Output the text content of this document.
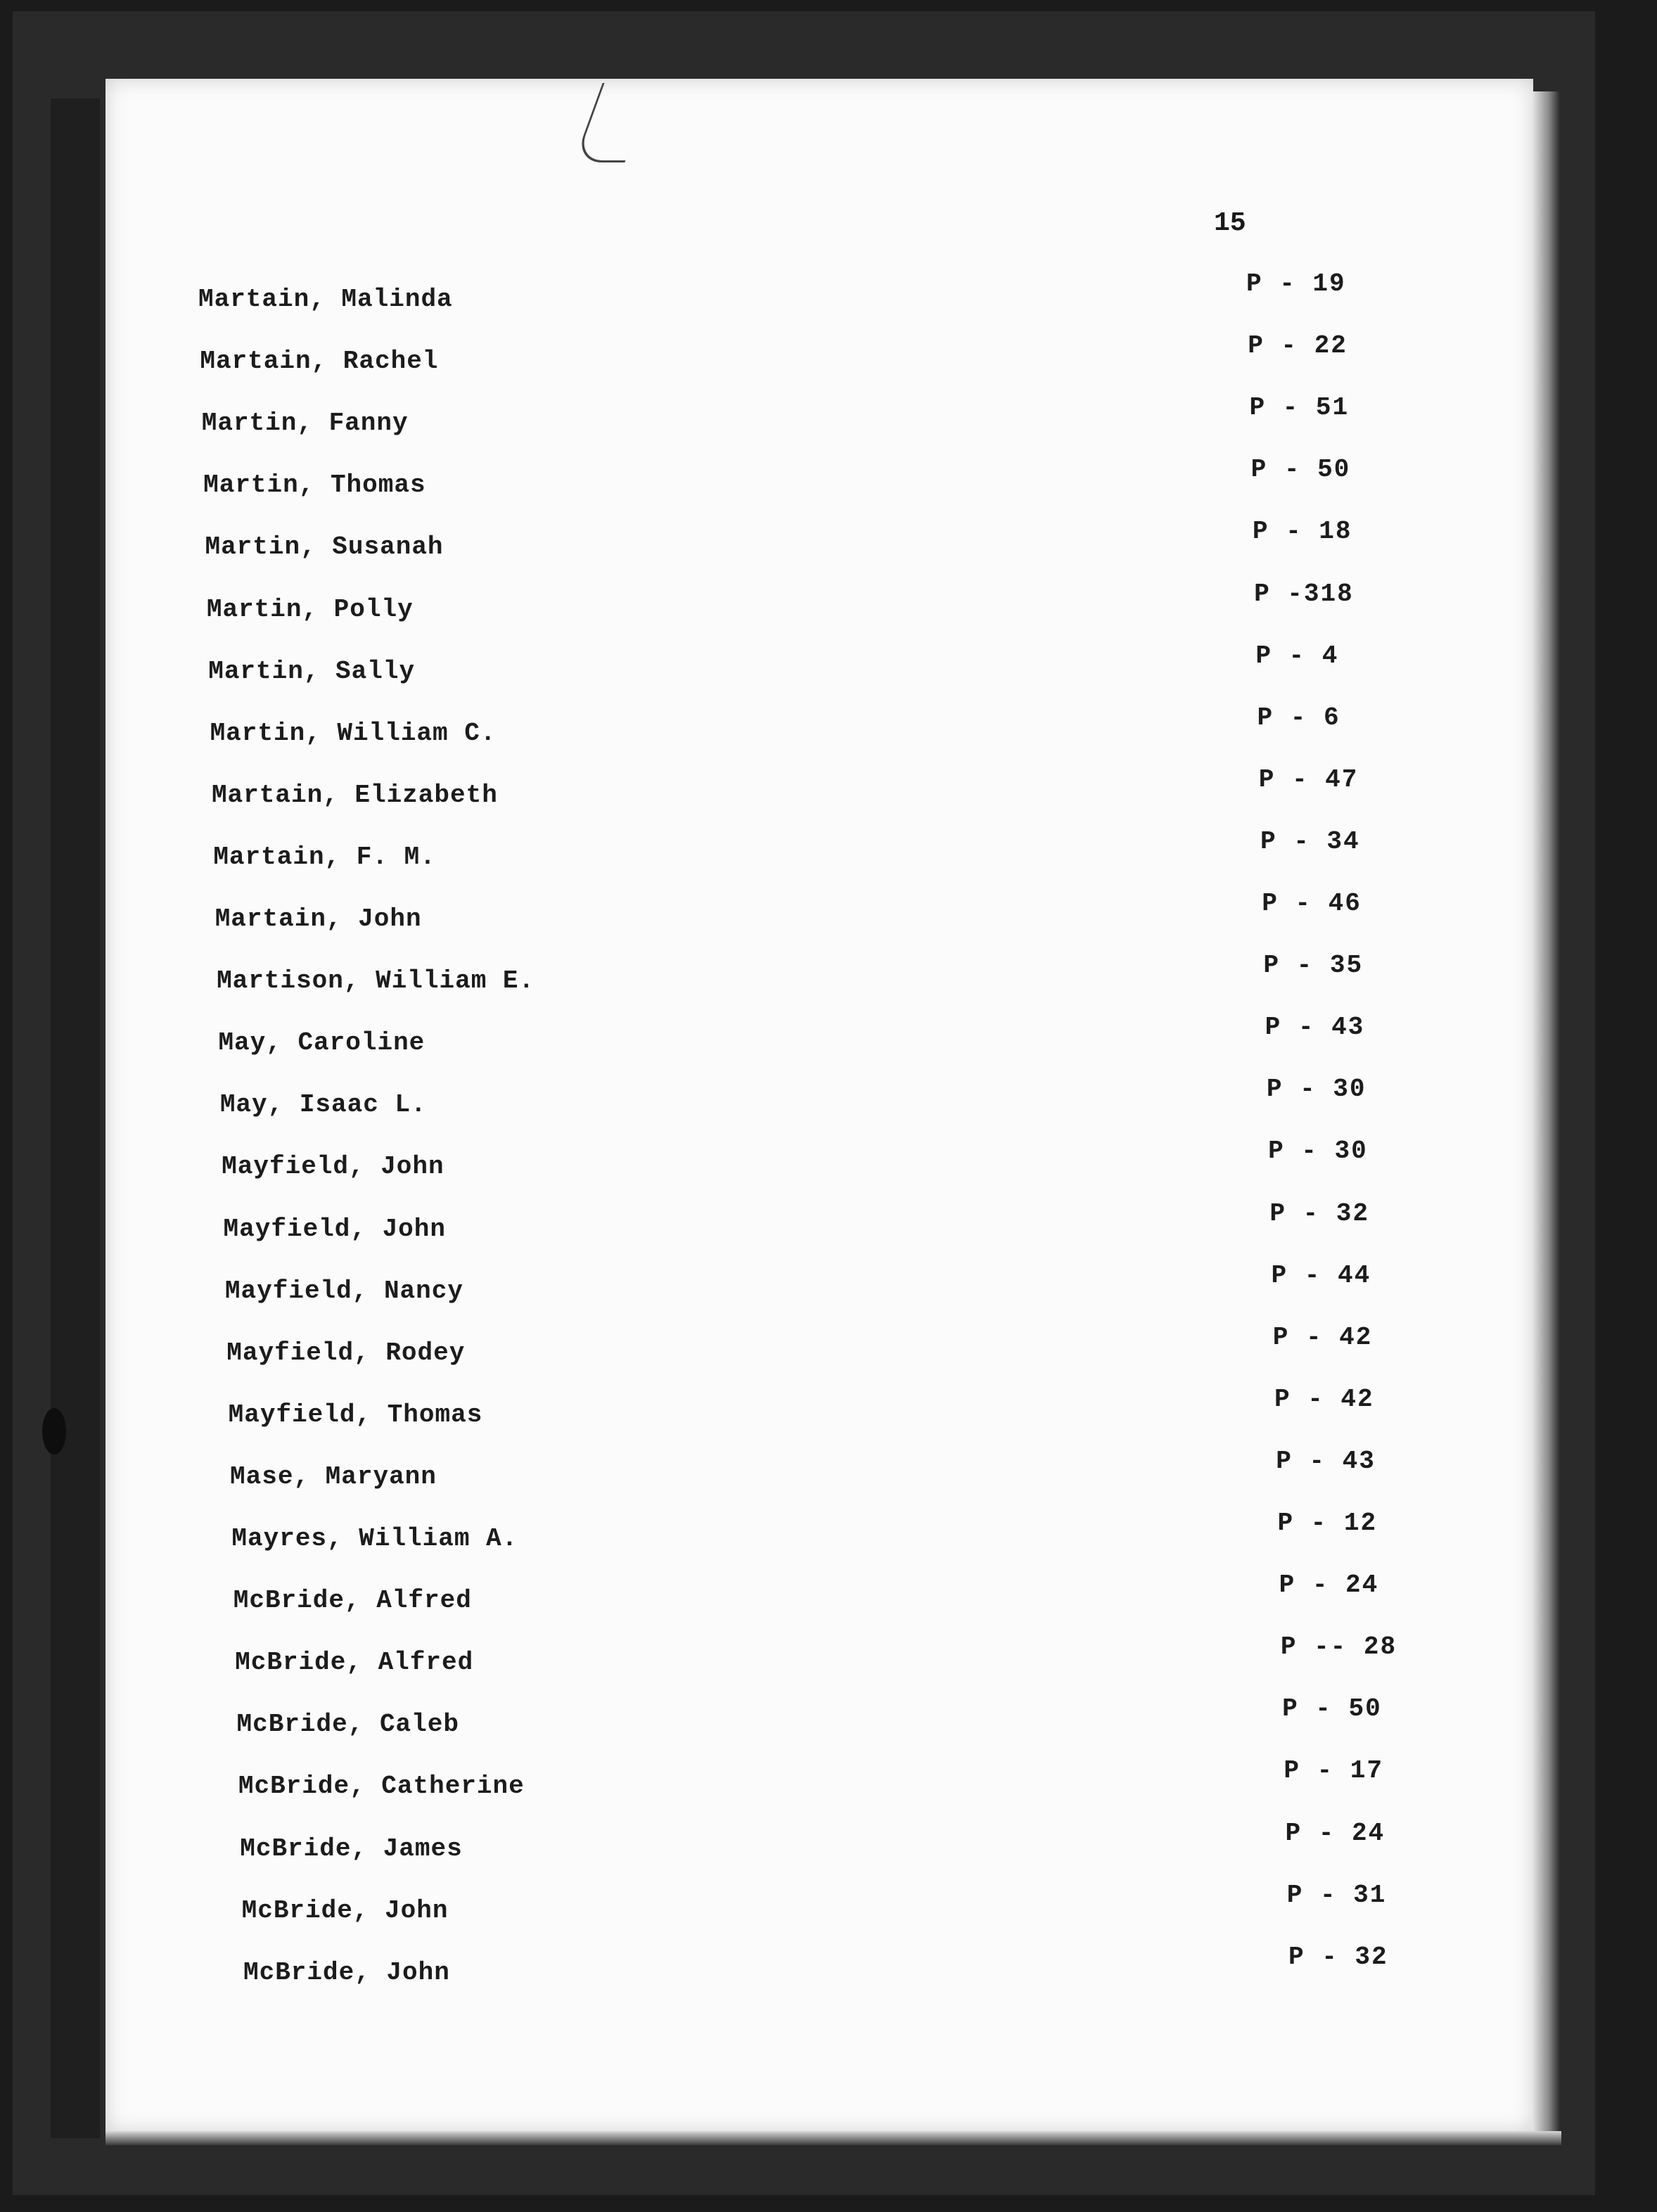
15
Martain, Malinda
P - 19
Martain, Rachel
P - 22
Martin, Fanny
P - 51
Martin, Thomas
P - 50
Martin, Susanah
P - 18
Martin, Polly
P -318
Martin, Sally
P - 4
Martin, William C.
P - 6
Martain, Elizabeth
P - 47
Martain, F. M.
P - 34
Martain, John
P - 46
Martison, William E.
P - 35
May, Caroline
P - 43
May, Isaac L.
P - 30
Mayfield, John
P - 30
Mayfield, John
P - 32
Mayfield, Nancy
P - 44
Mayfield, Rodey
P - 42
Mayfield, Thomas
P - 42
Mase, Maryann
P - 43
Mayres, William A.
P - 12
McBride, Alfred
P - 24
McBride, Alfred
P -- 28
McBride, Caleb
P - 50
McBride, Catherine
P - 17
McBride, James
P - 24
McBride, John
P - 31
McBride, John
P - 32
